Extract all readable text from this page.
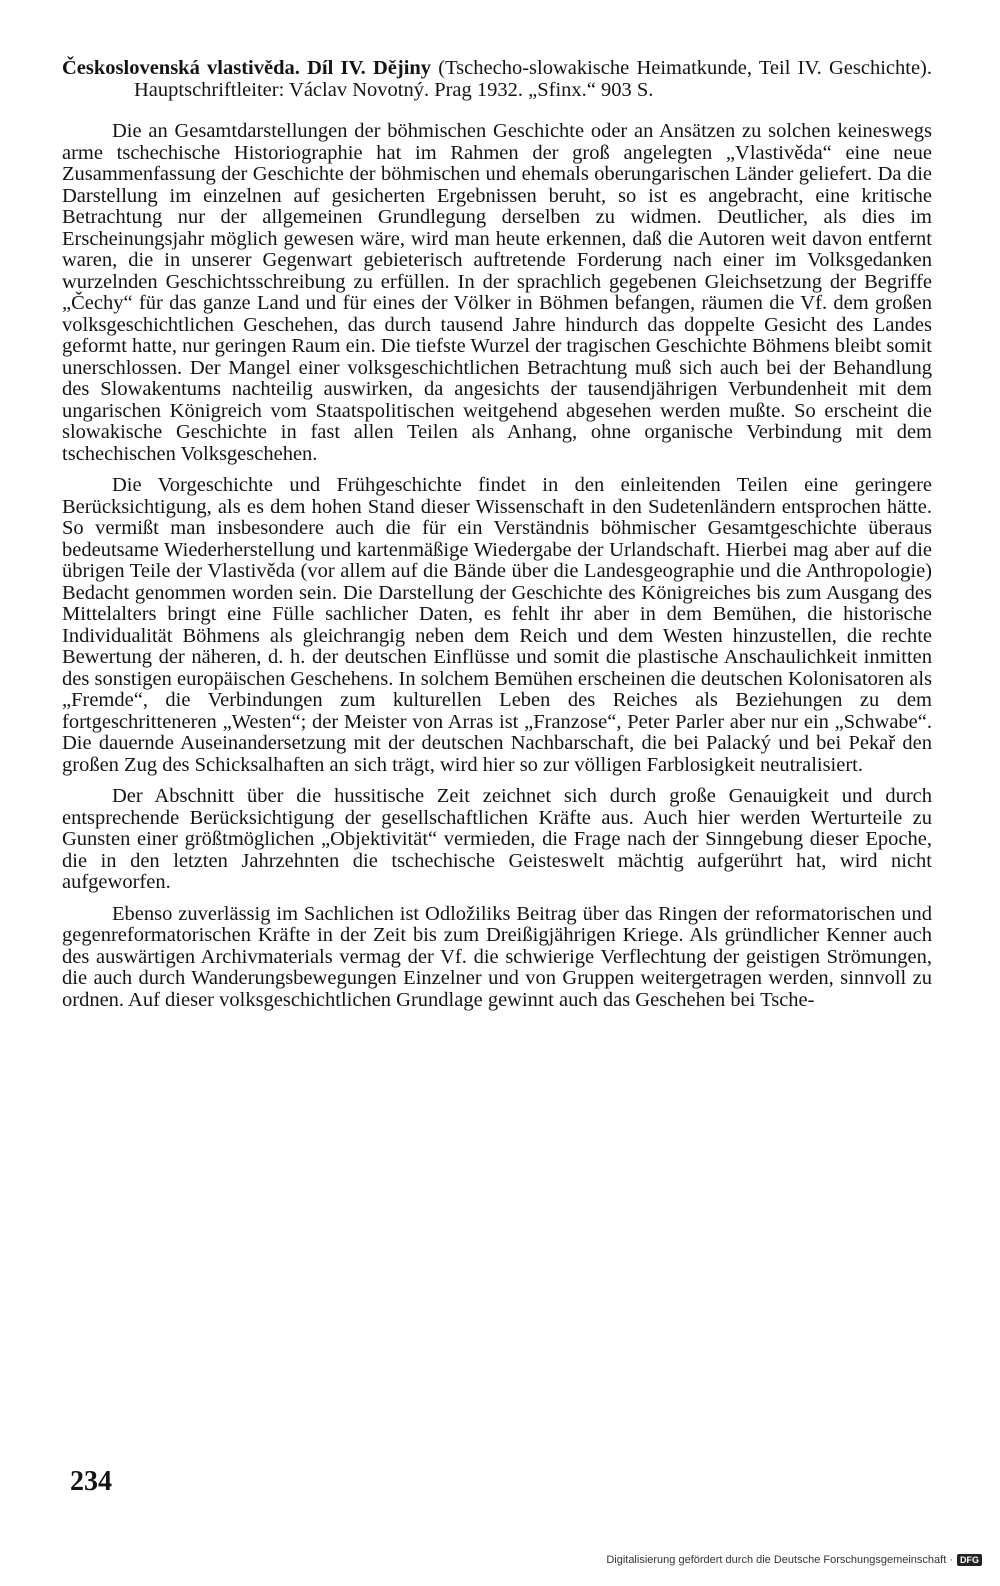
Československá vlastivěda. Díl IV. Dějiny (Tschecho-slowakische Heimatkunde, Teil IV. Geschichte). Hauptschriftleiter: Václav Novotný. Prag 1932. „Sfinx.“ 903 S.

Die an Gesamtdarstellungen der böhmischen Geschichte oder an Ansätzen zu solchen keineswegs arme tschechische Historiographie hat im Rahmen der groß angelegten „Vlastivěda“ eine neue Zusammenfassung der Geschichte der böhmischen und ehemals oberungarischen Länder geliefert. Da die Darstellung im einzelnen auf gesicherten Ergebnissen beruht, so ist es angebracht, eine kritische Betrachtung nur der allgemeinen Grundlegung derselben zu widmen. Deutlicher, als dies im Erscheinungsjahr möglich gewesen wäre, wird man heute erkennen, daß die Autoren weit davon entfernt waren, die in unserer Gegenwart gebieterisch auftretende Forderung nach einer im Volksgedanken wurzelnden Geschichtsschreibung zu erfüllen. In der sprachlich gegebenen Gleichsetzung der Begriffe „Čechy“ für das ganze Land und für eines der Völker in Böhmen befangen, räumen die Vf. dem großen volksgeschichtlichen Geschehen, das durch tausend Jahre hindurch das doppelte Gesicht des Landes geformt hatte, nur geringen Raum ein. Die tiefste Wurzel der tragischen Geschichte Böhmens bleibt somit unerschlossen. Der Mangel einer volksgeschichtlichen Betrachtung muß sich auch bei der Behandlung des Slowakentums nachteilig auswirken, da angesichts der tausendjährigen Verbundenheit mit dem ungarischen Königreich vom Staatspolitischen weitgehend abgesehen werden mußte. So erscheint die slowakische Geschichte in fast allen Teilen als Anhang, ohne organische Verbindung mit dem tschechischen Volksgeschehen.

Die Vorgeschichte und Frühgeschichte findet in den einleitenden Teilen eine geringere Berücksichtigung, als es dem hohen Stand dieser Wissenschaft in den Sudetenländern entsprochen hätte. So vermißt man insbesondere auch die für ein Verständnis böhmischer Gesamtgeschichte überaus bedeutsame Wiederherstellung und kartenmäßige Wiedergabe der Urlandschaft. Hierbei mag aber auf die übrigen Teile der Vlastivěda (vor allem auf die Bände über die Landesgeographie und die Anthropologie) Bedacht genommen worden sein. Die Darstellung der Geschichte des Königreiches bis zum Ausgang des Mittelalters bringt eine Fülle sachlicher Daten, es fehlt ihr aber in dem Bemühen, die historische Individualität Böhmens als gleichrangig neben dem Reich und dem Westen hinzustellen, die rechte Bewertung der näheren, d. h. der deutschen Einflüsse und somit die plastische Anschaulichkeit inmitten des sonstigen europäischen Geschehens. In solchem Bemühen erscheinen die deutschen Kolonisatoren als „Fremde“, die Verbindungen zum kulturellen Leben des Reiches als Beziehungen zu dem fortgeschritteneren „Westen“; der Meister von Arras ist „Franzose“, Peter Parler aber nur ein „Schwabe“. Die dauernde Auseinandersetzung mit der deutschen Nachbarschaft, die bei Palacký und bei Pekař den großen Zug des Schicksalhaften an sich trägt, wird hier so zur völligen Farblosigkeit neutralisiert.

Der Abschnitt über die hussitische Zeit zeichnet sich durch große Genauigkeit und durch entsprechende Berücksichtigung der gesellschaftlichen Kräfte aus. Auch hier werden Werturteile zu Gunsten einer größtmöglichen „Objektivität“ vermieden, die Frage nach der Sinngebung dieser Epoche, die in den letzten Jahrzehnten die tschechische Geisteswelt mächtig aufgerührt hat, wird nicht aufgeworfen.

Ebenso zuverlässig im Sachlichen ist Odložiliks Beitrag über das Ringen der reformatorischen und gegenreformatorischen Kräfte in der Zeit bis zum Dreißigjährigen Kriege. Als gründlicher Kenner auch des auswärtigen Archivmaterials vermag der Vf. die schwierige Verflechtung der geistigen Strömungen, die auch durch Wanderungsbewegungen Einzelner und von Gruppen weitergetragen werden, sinnvoll zu ordnen. Auf dieser volksgeschichtlichen Grundlage gewinnt auch das Geschehen bei Tsche-

234
Digitalisierung gefördert durch die Deutsche Forschungsgemeinschaft · DFG
